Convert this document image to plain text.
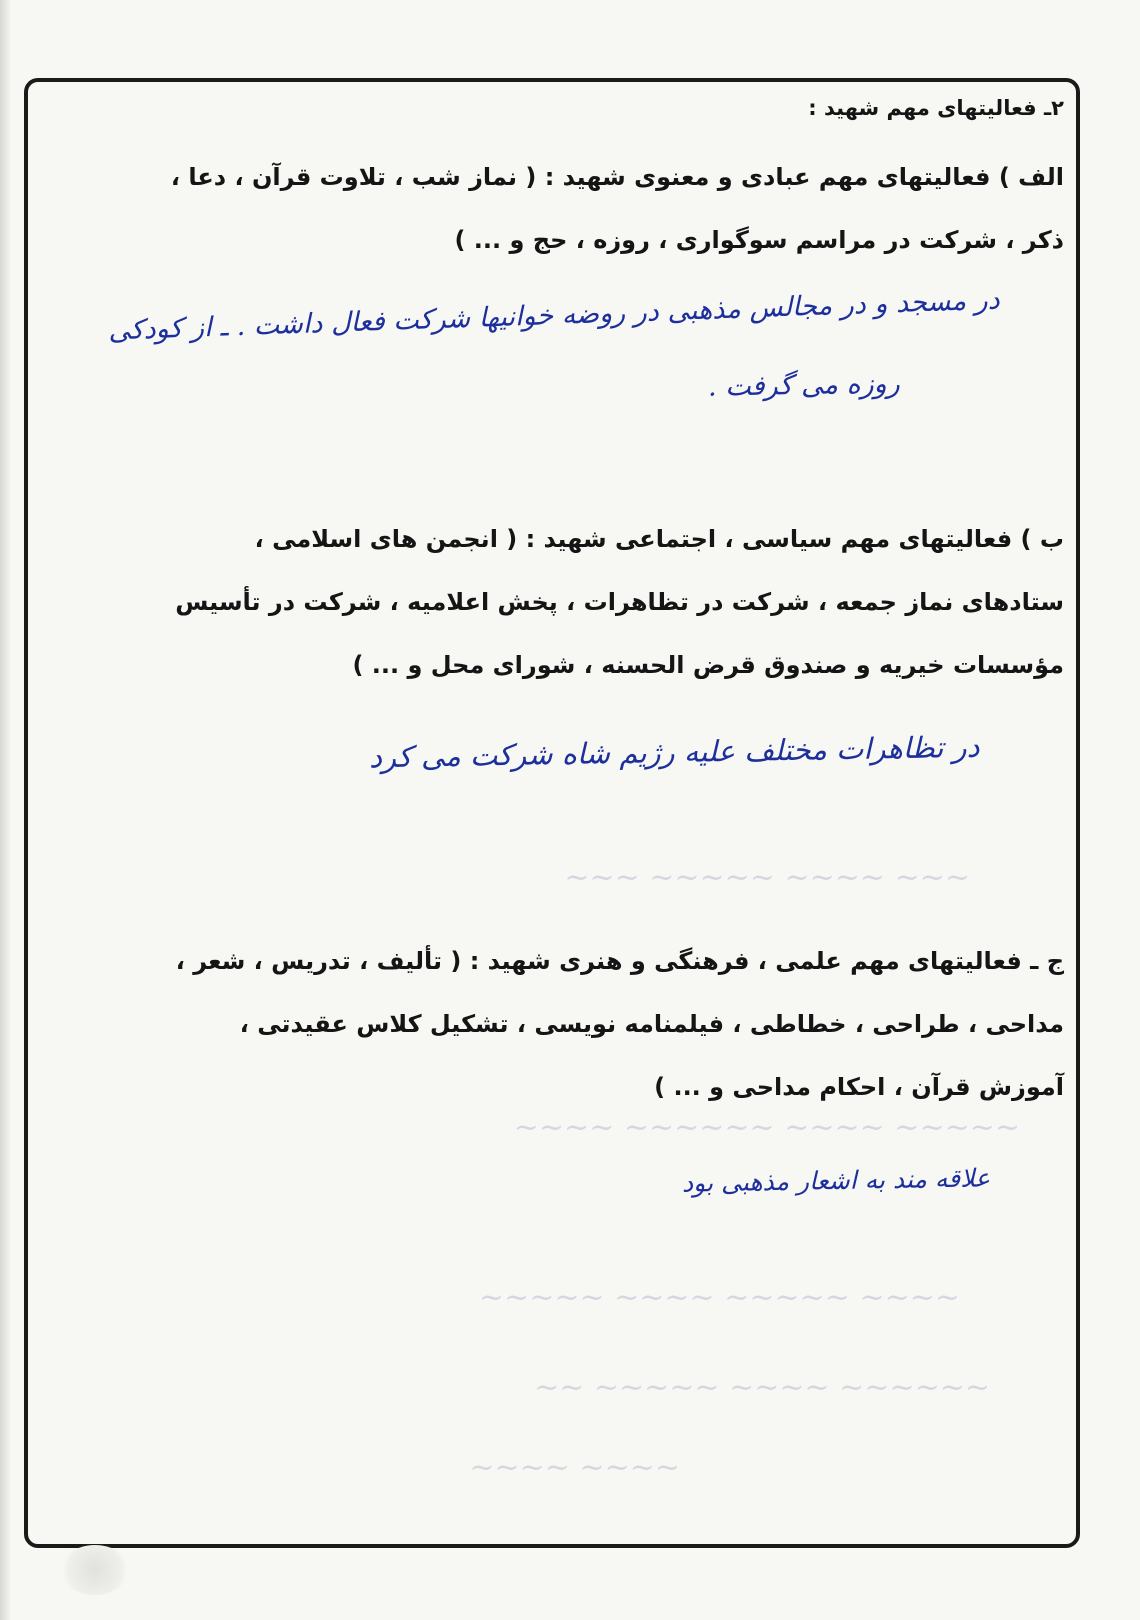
~~~ ~~~~ ~~~~~ ~~~
~~~~~ ~~~~ ~~~~~~ ~~~~
~~~~ ~~~~~ ~~~~ ~~~~~
~~~~~~ ~~~~ ~~~~~ ~~
~~~~ ~~~~
۲ـ فعالیتهای مهم شهید :
الف ) فعالیتهای مهم عبادی و معنوی شهید : ( نماز شب ، تلاوت قرآن ، دعا ،
ذکر ، شرکت در مراسم سوگواری ، روزه ، حج و ... )
در مسجد و در مجالس مذهبی در روضه خوانیها شرکت فعال داشت . ـ از کودکی
روزه می گرفت .
ب ) فعالیتهای مهم سیاسی ، اجتماعی شهید : ( انجمن های اسلامی ،
ستادهای نماز جمعه ، شرکت در تظاهرات ، پخش اعلامیه ، شرکت در تأسیس
مؤسسات خیریه و صندوق قرض الحسنه ، شورای محل و ... )
در تظاهرات مختلف علیه رژیم شاه شرکت می کرد
ج ـ فعالیتهای مهم علمی ، فرهنگی و هنری شهید : ( تألیف ، تدریس ، شعر ،
مداحی ، طراحی ، خطاطی ، فیلمنامه نویسی ، تشکیل کلاس عقیدتی ،
آموزش قرآن ، احکام مداحی و ... )
علاقه مند به اشعار مذهبی بود
